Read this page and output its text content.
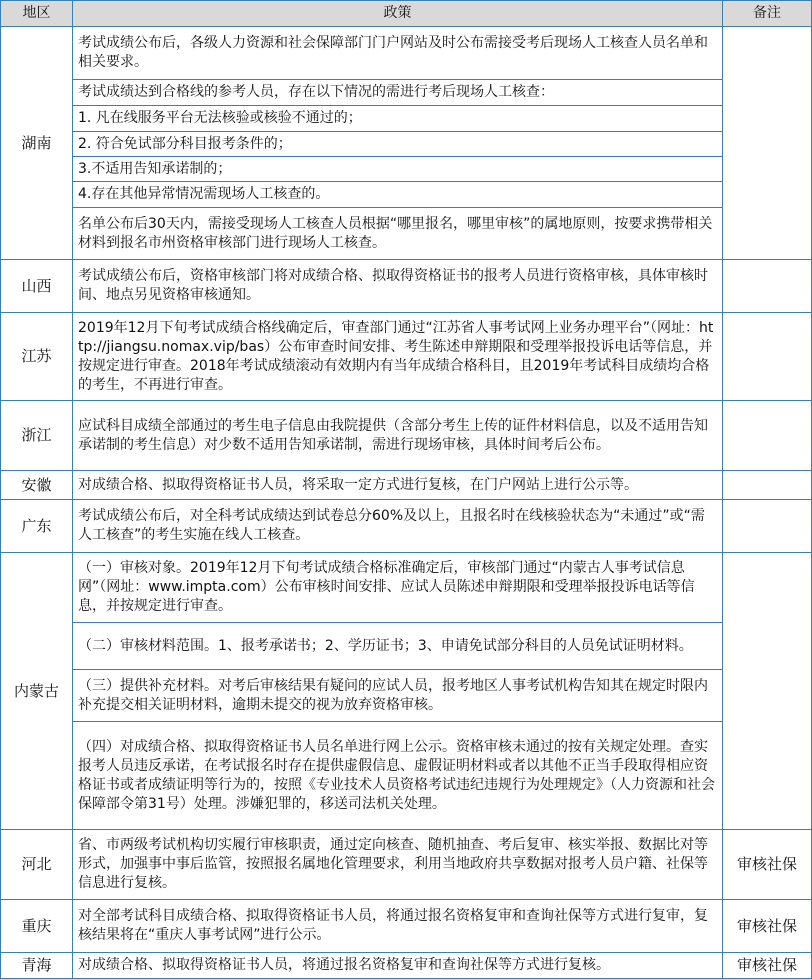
地区	政策	备注
湖南	考试成绩公布后，各级人力资源和社会保障部门门户网站及时公布需接受考后现场人工核查人员名单和相关要求。	
	考试成绩达到合格线的参考人员，存在以下情况的需进行考后现场人工核查：	
	1. 凡在线服务平台无法核验或核验不通过的；	
	2. 符合免试部分科目报考条件的；	
	3.不适用告知承诺制的；	
	4.存在其他异常情况需现场人工核查的。	
	名单公布后30天内，需接受现场人工核查人员根据“哪里报名，哪里审核”的属地原则，按要求携带相关材料到报名市州资格审核部门进行现场人工核查。	
山西	考试成绩公布后，资格审核部门将对成绩合格、拟取得资格证书的报考人员进行资格审核，具体审核时间、地点另见资格审核通知。	
江苏	2019年12月下旬考试成绩合格线确定后，审查部门通过“江苏省人事考试网上业务办理平台”（网址：http://jiangsu.nomax.vip/bas）公布审查时间安排、考生陈述申辩期限和受理举报投诉电话等信息，并按规定进行审查。2018年考试成绩滚动有效期内有当年成绩合格科目，且2019年考试科目成绩均合格的考生，不再进行审查。	
浙江	应试科目成绩全部通过的考生电子信息由我院提供（含部分考生上传的证件材料信息，以及不适用告知承诺制的考生信息）对少数不适用告知承诺制，需进行现场审核，具体时间考后公布。	
安徽	对成绩合格、拟取得资格证书人员，将采取一定方式进行复核，在门户网站上进行公示等。	
广东	考试成绩公布后，对全科考试成绩达到试卷总分60%及以上，且报名时在线核验状态为“未通过”或“需人工核查”的考生实施在线人工核查。	
内蒙古	（一）审核对象。2019年12月下旬考试成绩合格标准确定后，审核部门通过“内蒙古人事考试信息网”（网址：www.impta.com）公布审核时间安排、应试人员陈述申辩期限和受理举报投诉电话等信息，并按规定进行审查。	
	（二）审核材料范围。1、报考承诺书；2、学历证书；3、申请免试部分科目的人员免试证明材料。	
	（三）提供补充材料。对考后审核结果有疑问的应试人员，报考地区人事考试机构告知其在规定时限内补充提交相关证明材料，逾期未提交的视为放弃资格审核。	
	（四）对成绩合格、拟取得资格证书人员名单进行网上公示。资格审核未通过的按有关规定处理。查实报考人员违反承诺，在考试报名时存在提供虚假信息、虚假证明材料或者以其他不正当手段取得相应资格证书或者成绩证明等行为的，按照《专业技术人员资格考试违纪违规行为处理规定》（人力资源和社会保障部令第31号）处理。涉嫌犯罪的，移送司法机关处理。	
河北	省、市两级考试机构切实履行审核职责，通过定向核查、随机抽查、考后复审、核实举报、数据比对等形式，加强事中事后监管，按照报名属地化管理要求，利用当地政府共享数据对报考人员户籍、社保等信息进行复核。	审核社保
重庆	对全部考试科目成绩合格、拟取得资格证书人员，将通过报名资格复审和查询社保等方式进行复审，复核结果将在“重庆人事考试网”进行公示。	审核社保
青海	对成绩合格、拟取得资格证书人员，将通过报名资格复审和查询社保等方式进行复核。	审核社保
